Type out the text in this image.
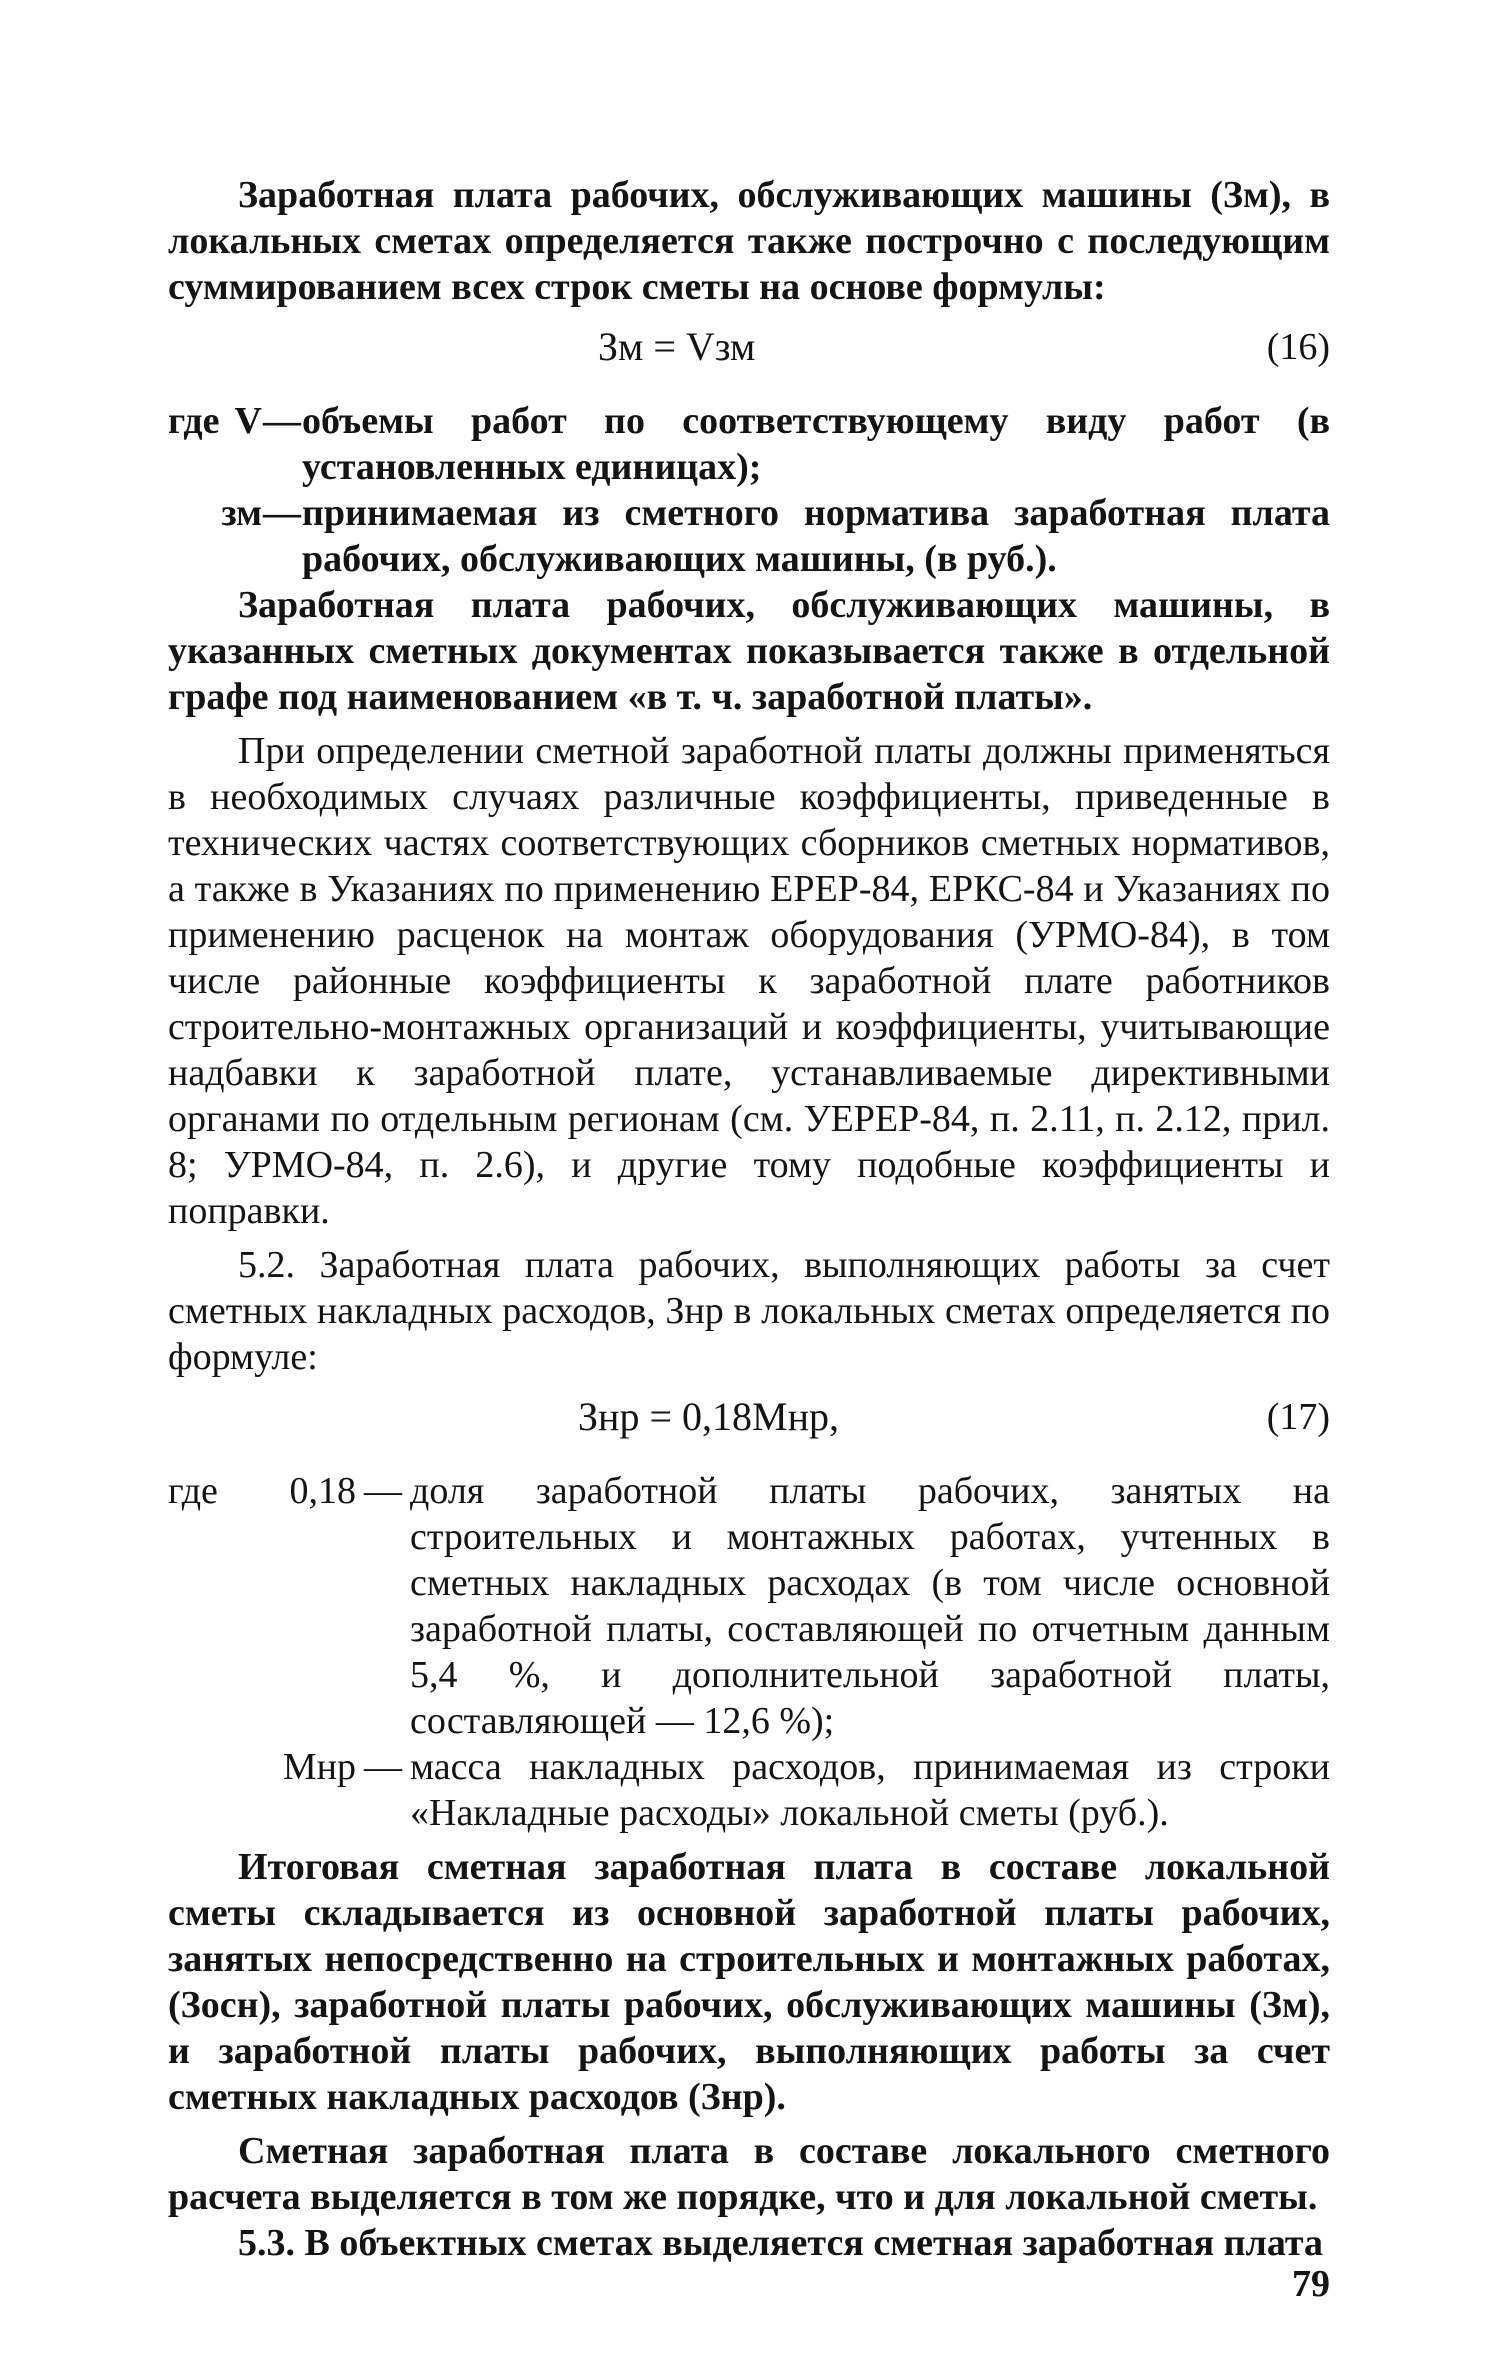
Заработная плата рабочих, обслуживающих машины (Зм), в локальных сметах определяется также построчно с последующим суммированием всех строк сметы на основе формулы:

Зм = Vзм	(16)
где V — объемы работ по соответствующему виду работ (в установленных единицах);
зм — принимаемая из сметного норматива заработная плата рабочих, обслуживающих машины, (в руб.).

Заработная плата рабочих, обслуживающих машины, в указанных сметных документах показывается также в отдельной графе под наименованием «в т. ч. заработной платы».

При определении сметной заработной платы должны применяться в необходимых случаях различные коэффициенты, приведенные в технических частях соответствующих сборников сметных нормативов, а также в Указаниях по применению ЕРЕР-84, ЕРКС-84 и Указаниях по применению расценок на монтаж оборудования (УРМО-84), в том числе районные коэффициенты к заработной плате работников строительно-монтажных организаций и коэффициенты, учитывающие надбавки к заработной плате, устанавливаемые директивными органами по отдельным регионам (см. УЕРЕР-84, п. 2.11, п. 2.12, прил. 8; УРМО-84, п. 2.6), и другие тому подобные коэффициенты и поправки.

5.2. Заработная плата рабочих, выполняющих работы за счет сметных накладных расходов, Знр в локальных сметах определяется по формуле:

Знр = 0,18Мнр,	(17)
где	0,18 — доля заработной платы рабочих, занятых на строительных и монтажных работах, учтенных в сметных накладных расходах (в том числе основной заработной платы, составляющей по отчетным данным 5,4 %, и дополнительной заработной платы, составляющей — 12,6 %);
Мнр — масса накладных расходов, принимаемая из строки «Накладные расходы» локальной сметы (руб.).

Итоговая сметная заработная плата в составе локальной сметы складывается из основной заработной платы рабочих, занятых непосредственно на строительных и монтажных работах, (Зосн), заработной платы рабочих, обслуживающих машины (Зм), и заработной платы рабочих, выполняющих работы за счет сметных накладных расходов (Знр).

Сметная заработная плата в составе локального сметного расчета выделяется в том же порядке, что и для локальной сметы.

5.3. В объектных сметах выделяется сметная заработная плата

79
